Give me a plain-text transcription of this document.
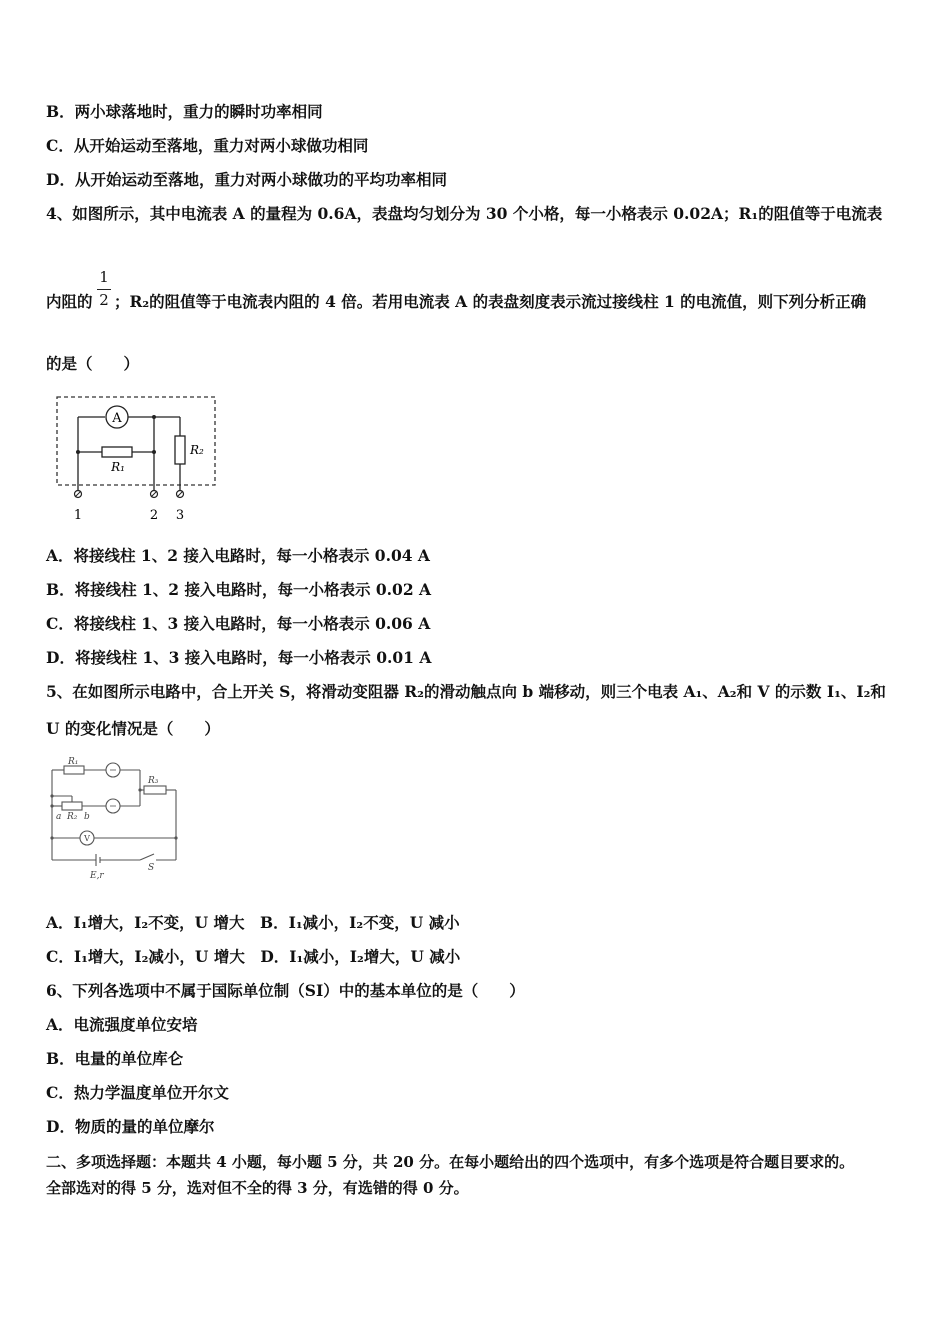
B．两小球落地时，重力的瞬时功率相同
C．从开始运动至落地，重力对两小球做功相同
D．从开始运动至落地，重力对两小球做功的平均功率相同
4、如图所示，其中电流表 A 的量程为 0.6A，表盘均匀划分为 30 个小格，每一小格表示 0.02A；R₁的阻值等于电流表
1
2
内阻的 ；R₂的阻值等于电流表内阻的 4 倍。若用电流表 A 的表盘刻度表示流过接线柱 1 的电流值，则下列分析正确
的是（　　）
A
R₁
R₂
1	2 3
A．将接线柱 1、2 接入电路时，每一小格表示 0.04 A
B．将接线柱 1、2 接入电路时，每一小格表示 0.02 A
C．将接线柱 1、3 接入电路时，每一小格表示 0.06 A
D．将接线柱 1、3 接入电路时，每一小格表示 0.01 A
5、在如图所示电路中，合上开关 S，将滑动变阻器 R₂的滑动触点向 b 端移动，则三个电表 A₁、A₂和 V 的示数 I₁、I₂和
U 的变化情况是（　　）
R₁
R₃
a R₂ b
V
E,r
S
A．I₁增大，I₂不变，U 增大　B．I₁减小，I₂不变，U 减小
C．I₁增大，I₂减小，U 增大　D．I₁减小，I₂增大，U 减小
6、下列各选项中不属于国际单位制（SI）中的基本单位的是（　　）
A．电流强度单位安培
B．电量的单位库仑
C．热力学温度单位开尔文
D．物质的量的单位摩尔
二、多项选择题：本题共 4 小题，每小题 5 分，共 20 分。在每小题给出的四个选项中，有多个选项是符合题目要求的。
全部选对的得 5 分，选对但不全的得 3 分，有选错的得 0 分。
